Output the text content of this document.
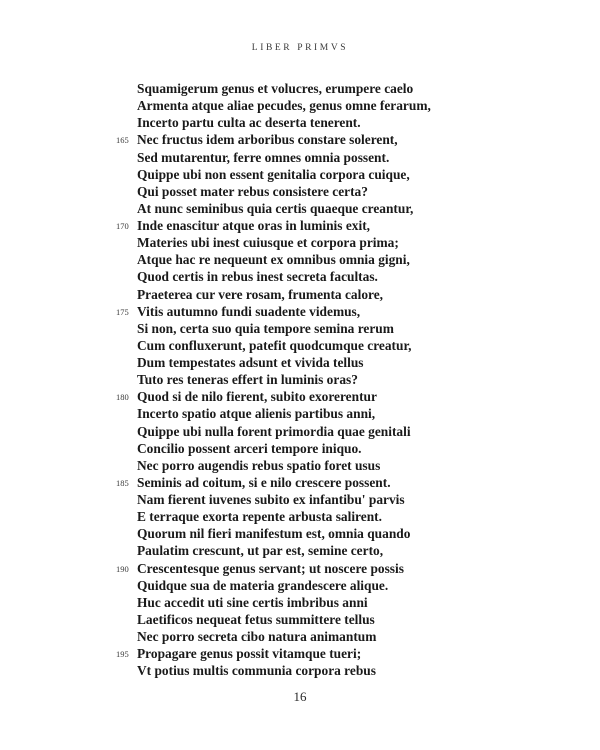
LIBER PRIMVS
Squamigerum genus et volucres, erumpere caelo
Armenta atque aliae pecudes, genus omne ferarum,
Incerto partu culta ac deserta tenerent.
165 Nec fructus idem arboribus constare solerent,
Sed mutarentur, ferre omnes omnia possent.
Quippe ubi non essent genitalia corpora cuique,
Qui posset mater rebus consistere certa?
At nunc seminibus quia certis quaeque creantur,
170 Inde enascitur atque oras in luminis exit,
Materies ubi inest cuiusque et corpora prima;
Atque hac re nequeunt ex omnibus omnia gigni,
Quod certis in rebus inest secreta facultas.
Praeterea cur vere rosam, frumenta calore,
175 Vitis autumno fundi suadente videmus,
Si non, certa suo quia tempore semina rerum
Cum confluxerunt, patefit quodcumque creatur,
Dum tempestates adsunt et vivida tellus
Tuto res teneras effert in luminis oras?
180 Quod si de nilo fierent, subito exorerentur
Incerto spatio atque alienis partibus anni,
Quippe ubi nulla forent primordia quae genitali
Concilio possent arceri tempore iniquo.
Nec porro augendis rebus spatio foret usus
185 Seminis ad coitum, si e nilo crescere possent.
Nam fierent iuvenes subito ex infantibu' parvis
E terraque exorta repente arbusta salirent.
Quorum nil fieri manifestum est, omnia quando
Paulatim crescunt, ut par est, semine certo,
190 Crescentesque genus servant; ut noscere possis
Quidque sua de materia grandescere alique.
Huc accedit uti sine certis imbribus anni
Laetificos nequeat fetus summittere tellus
Nec porro secreta cibo natura animantum
195 Propagare genus possit vitamque tueri;
Vt potius multis communia corpora rebus
16
